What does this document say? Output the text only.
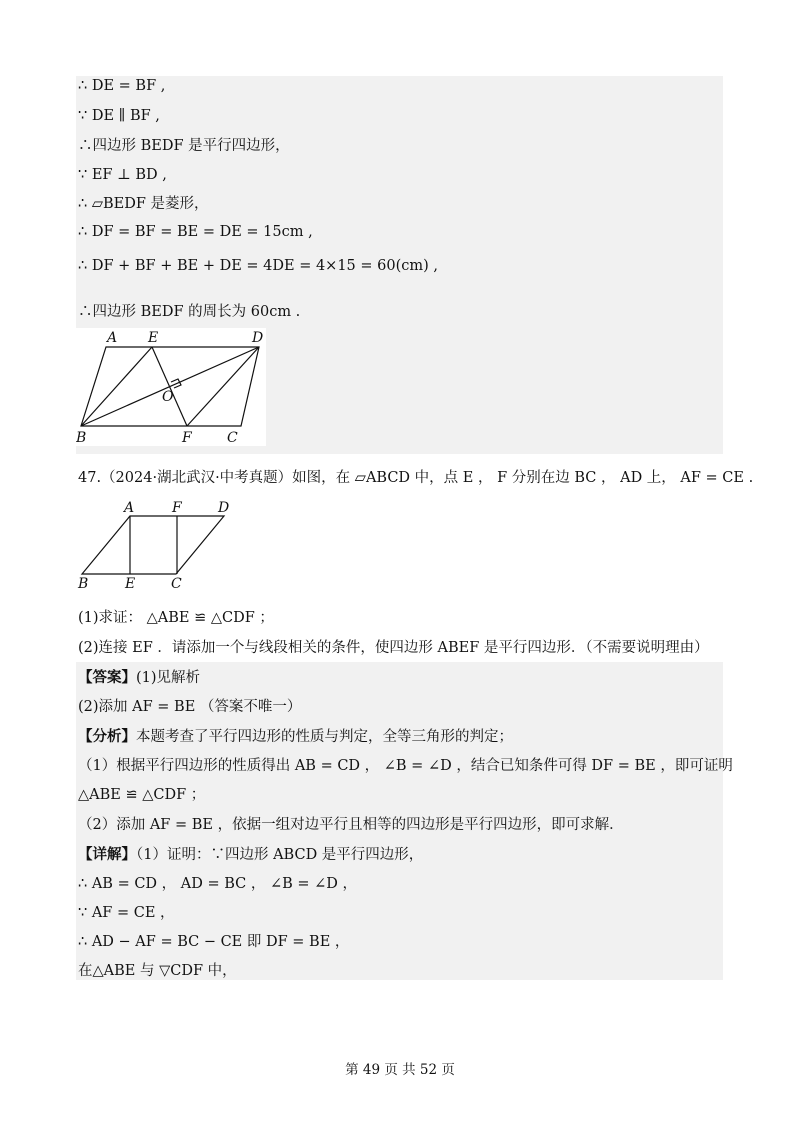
∴ DE = BF ,
∵ DE ∥ BF ,
∴四边形 BEDF 是平行四边形，
∵ EF ⊥ BD ,
∴ ▱BEDF 是菱形，
∴ DF = BF = BE = DE = 15cm ,
∴ DF + BF + BE + DE = 4DE = 4×15 = 60(cm) ,
∴四边形 BEDF 的周长为 60cm .
A E	D
O
B	F	C
47.（2024·湖北武汉·中考真题）如图，在 ▱ABCD 中，点 E ， F 分别在边 BC ， AD 上， AF = CE .
A	F	D
B	E	C
(1)求证： △ABE ≌ △CDF ；
(2)连接 EF ．请添加一个与线段相关的条件，使四边形 ABEF 是平行四边形．（不需要说明理由）
【答案】(1)见解析
(2)添加 AF = BE （答案不唯一）
【分析】本题考查了平行四边形的性质与判定，全等三角形的判定；
（1）根据平行四边形的性质得出 AB = CD ， ∠B = ∠D ，结合已知条件可得 DF = BE ，即可证明
△ABE ≌ △CDF ；
（2）添加 AF = BE ，依据一组对边平行且相等的四边形是平行四边形，即可求解．
【详解】（1）证明：∵四边形 ABCD 是平行四边形，
∴ AB = CD ， AD = BC ， ∠B = ∠D ，
∵ AF = CE ，
∴ AD − AF = BC − CE 即 DF = BE ，
在△ABE 与 ▽CDF 中，
第 49 页 共 52 页
